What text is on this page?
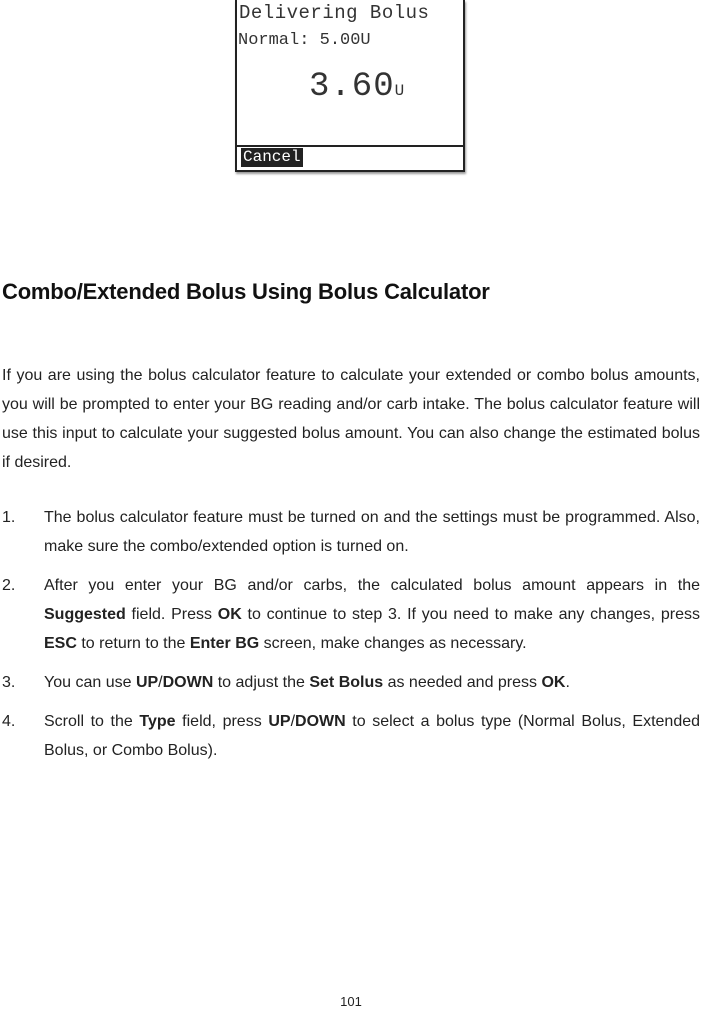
Delivering Bolus
Normal: 5.00U
3.60U
Cancel
Combo/Extended Bolus Using Bolus Calculator

If you are using the bolus calculator feature to calculate your extended or combo bolus amounts, you will be prompted to enter your BG reading and/or carb intake. The bolus calculator feature will use this input to calculate your suggested bolus amount. You can also change the estimated bolus if desired.

1. The bolus calculator feature must be turned on and the settings must be programmed. Also, make sure the combo/extended option is turned on.
2. After you enter your BG and/or carbs, the calculated bolus amount appears in the Suggested field. Press OK to continue to step 3. If you need to make any changes, press ESC to return to the Enter BG screen, make changes as necessary.
3. You can use UP/DOWN to adjust the Set Bolus as needed and press OK.
4. Scroll to the Type field, press UP/DOWN to select a bolus type (Normal Bolus, Extended Bolus, or Combo Bolus).
101
